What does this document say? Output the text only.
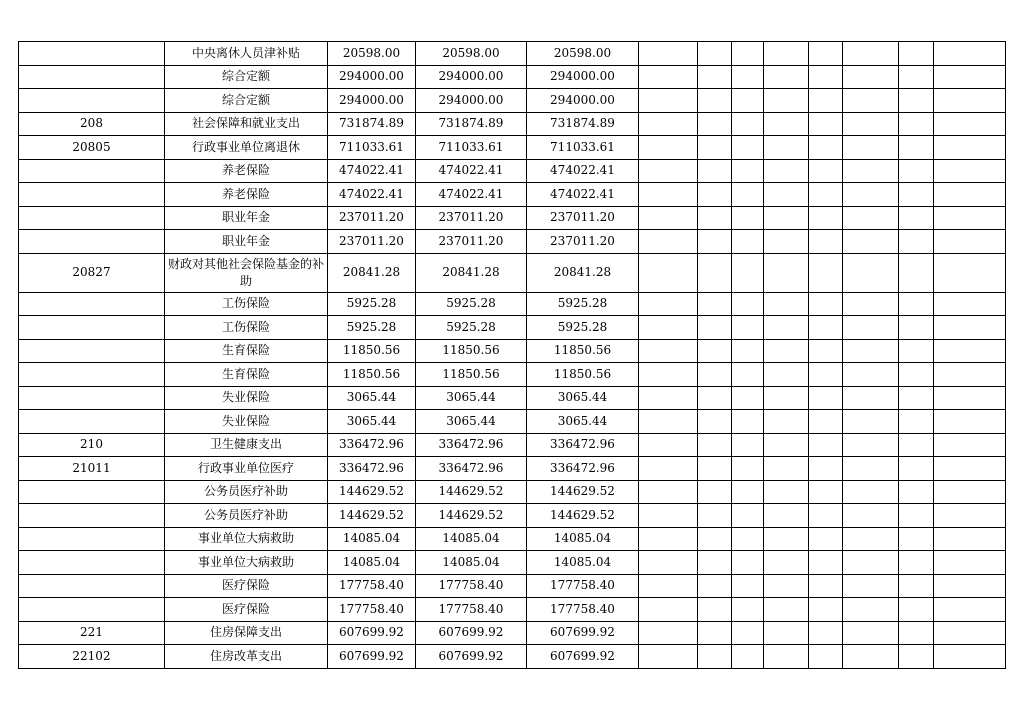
	中央离休人员津补贴	20598.00	20598.00	20598.00								
	综合定额	294000.00	294000.00	294000.00								
	综合定额	294000.00	294000.00	294000.00								
208	社会保障和就业支出	731874.89	731874.89	731874.89								
20805	行政事业单位离退休	711033.61	711033.61	711033.61								
	养老保险	474022.41	474022.41	474022.41								
	养老保险	474022.41	474022.41	474022.41								
	职业年金	237011.20	237011.20	237011.20								
	职业年金	237011.20	237011.20	237011.20								
20827	财政对其他社会保险基金的补助	20841.28	20841.28	20841.28								
	工伤保险	5925.28	5925.28	5925.28								
	工伤保险	5925.28	5925.28	5925.28								
	生育保险	11850.56	11850.56	11850.56								
	生育保险	11850.56	11850.56	11850.56								
	失业保险	3065.44	3065.44	3065.44								
	失业保险	3065.44	3065.44	3065.44								
210	卫生健康支出	336472.96	336472.96	336472.96								
21011	行政事业单位医疗	336472.96	336472.96	336472.96								
	公务员医疗补助	144629.52	144629.52	144629.52								
	公务员医疗补助	144629.52	144629.52	144629.52								
	事业单位大病救助	14085.04	14085.04	14085.04								
	事业单位大病救助	14085.04	14085.04	14085.04								
	医疗保险	177758.40	177758.40	177758.40								
	医疗保险	177758.40	177758.40	177758.40								
221	住房保障支出	607699.92	607699.92	607699.92								
22102	住房改革支出	607699.92	607699.92	607699.92								
